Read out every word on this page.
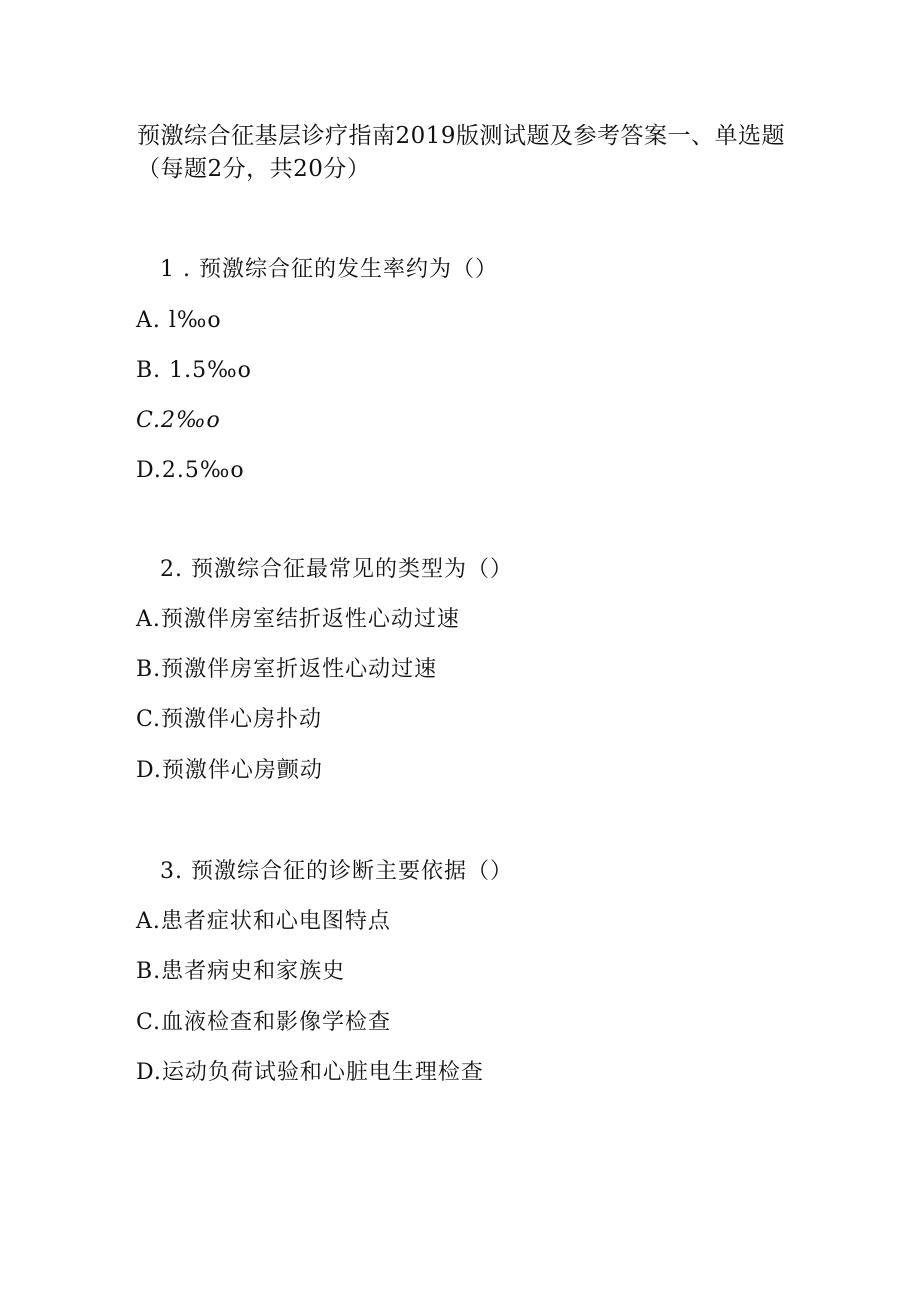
预激综合征基层诊疗指南2019版测试题及参考答案一、单选题（每题2分，共20分）
1 . 预激综合征的发生率约为（）
A. l‰o
B. 1.5‰o
C.2‰o
D.2.5‰o
2. 预激综合征最常见的类型为（）
A.预激伴房室结折返性心动过速
B.预激伴房室折返性心动过速
C.预激伴心房扑动
D.预激伴心房颤动
3. 预激综合征的诊断主要依据（）
A.患者症状和心电图特点
B.患者病史和家族史
C.血液检查和影像学检查
D.运动负荷试验和心脏电生理检查
